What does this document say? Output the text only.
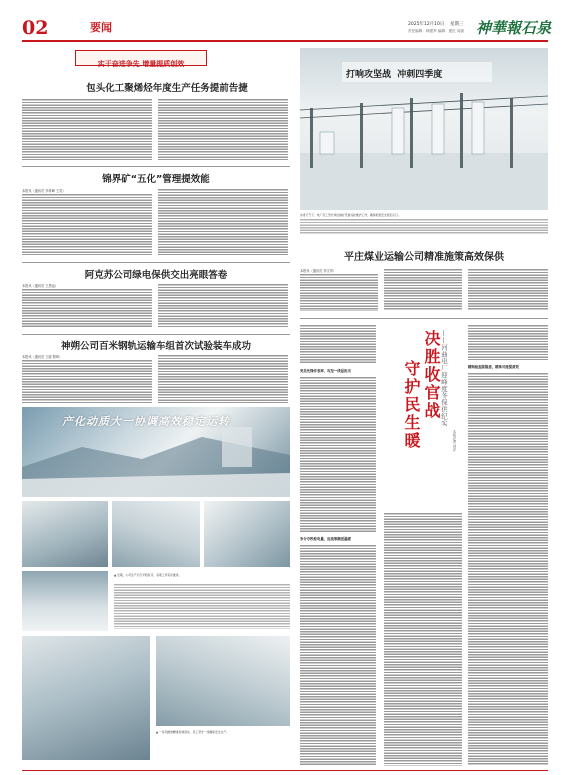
02	要闻	2025年12月10日 星期三
责任编辑：韩建军 编辑：建红 周凯 神華報石泉
实干奋进争先 增量提质创效
包头化工聚烯烃年度生产任务提前告捷
锦界矿“五化”管理提效能
本报讯（通讯员 李青峰 王奕）
阿克苏公司绿电保供交出亮眼答卷
本报讯（通讯员 王思远）
神朔公司百米钢轨运输车组首次试验装车成功
本报讯（通讯员 王聪 程琦）
产化动质大一协调高效稳定运转
▲ 近期，公司生产运行平稳有序，各项工作有序推进。
▲ 一系列措施精准有效落实，员工坚守一线确保安全生产。
打响攻坚战  冲刺四季度
冰雪天气下，电厂员工坚守岗位做好设备巡检维护工作，确保机组安全稳定运行。
平庄煤业运输公司精准施策高效保供
本报讯（通讯员 李文军）
党员先锋作表率，攻坚一线显担当
争分夺秒抢电量，应战寒潮送温暖
决胜收官战
守护民生暖	——河曲电厂迎峰度冬保供纪实
本报记者 刘洋
精细检查除隐患，精准对接提质效
